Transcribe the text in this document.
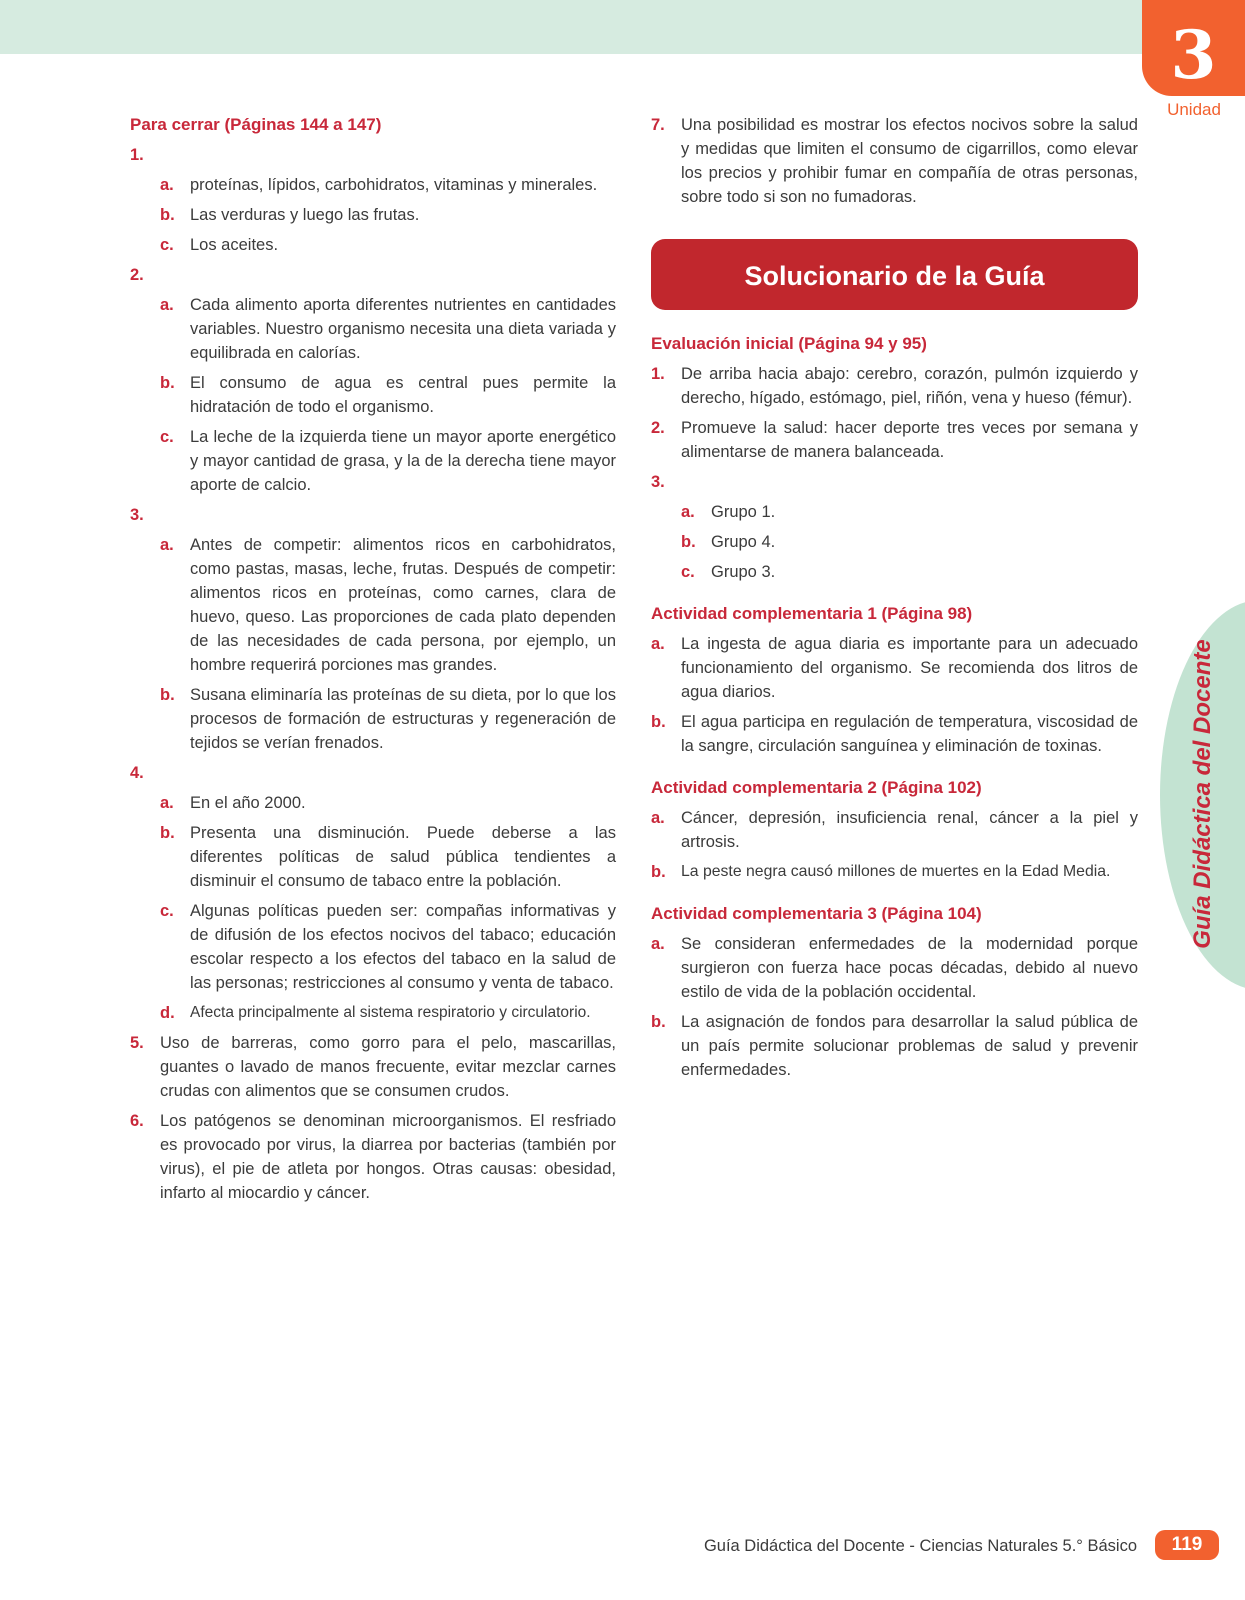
3
Unidad
Guía Didáctica del Docente
Para cerrar (Páginas 144 a 147)
1.
a. proteínas, lípidos, carbohidratos, vitaminas y minerales.
b. Las verduras y luego las frutas.
c. Los aceites.
2.
a. Cada alimento aporta diferentes nutrientes en cantidades variables. Nuestro organismo necesita una dieta variada y equilibrada en calorías.
b. El consumo de agua es central pues permite la hidratación de todo el organismo.
c. La leche de la izquierda tiene un mayor aporte energético y mayor cantidad de grasa, y la de la derecha tiene mayor aporte de calcio.
3.
a. Antes de competir: alimentos ricos en carbohidratos, como pastas, masas, leche, frutas. Después de competir: alimentos ricos en proteínas, como carnes, clara de huevo, queso. Las proporciones de cada plato dependen de las necesidades de cada persona, por ejemplo, un hombre requerirá porciones mas grandes.
b. Susana eliminaría las proteínas de su dieta, por lo que los procesos de formación de estructuras y regeneración de tejidos se verían frenados.
4.
a. En el año 2000.
b. Presenta una disminución. Puede deberse a las diferentes políticas de salud pública tendientes a disminuir el consumo de tabaco entre la población.
c. Algunas políticas pueden ser: compañas informativas y de difusión de los efectos nocivos del tabaco; educación escolar respecto a los efectos del tabaco en la salud de las personas; restricciones al consumo y venta de tabaco.
d. Afecta principalmente al sistema respiratorio y circulatorio.
5. Uso de barreras, como gorro para el pelo, mascarillas, guantes o lavado de manos frecuente, evitar mezclar carnes crudas con alimentos que se consumen crudos.
6. Los patógenos se denominan microorganismos. El resfriado es provocado por virus, la diarrea por bacterias (también por virus), el pie de atleta por hongos. Otras causas: obesidad, infarto al miocardio y cáncer.
7. Una posibilidad es mostrar los efectos nocivos sobre la salud y medidas que limiten el consumo de cigarrillos, como elevar los precios y prohibir fumar en compañía de otras personas, sobre todo si son no fumadoras.
Solucionario de la Guía
Evaluación inicial (Página 94 y 95)
1. De arriba hacia abajo: cerebro, corazón, pulmón izquierdo y derecho, hígado, estómago, piel, riñón, vena y hueso (fémur).
2. Promueve la salud: hacer deporte tres veces por semana y alimentarse de manera balanceada.
3.
a. Grupo 1.
b. Grupo 4.
c. Grupo 3.
Actividad complementaria 1 (Página 98)
a. La ingesta de agua diaria es importante para un adecuado funcionamiento del organismo. Se recomienda dos litros de agua diarios.
b. El agua participa en regulación de temperatura, viscosidad de la sangre, circulación sanguínea y eliminación de toxinas.
Actividad complementaria 2 (Página 102)
a. Cáncer, depresión, insuficiencia renal, cáncer a la piel y artrosis.
b. La peste negra causó millones de muertes en la Edad Media.
Actividad complementaria 3 (Página 104)
a. Se consideran enfermedades de la modernidad porque surgieron con fuerza hace pocas décadas, debido al nuevo estilo de vida de la población occidental.
b. La asignación de fondos para desarrollar la salud pública de un país permite solucionar problemas de salud y prevenir enfermedades.
Guía Didáctica del Docente - Ciencias Naturales 5.° Básico	119
